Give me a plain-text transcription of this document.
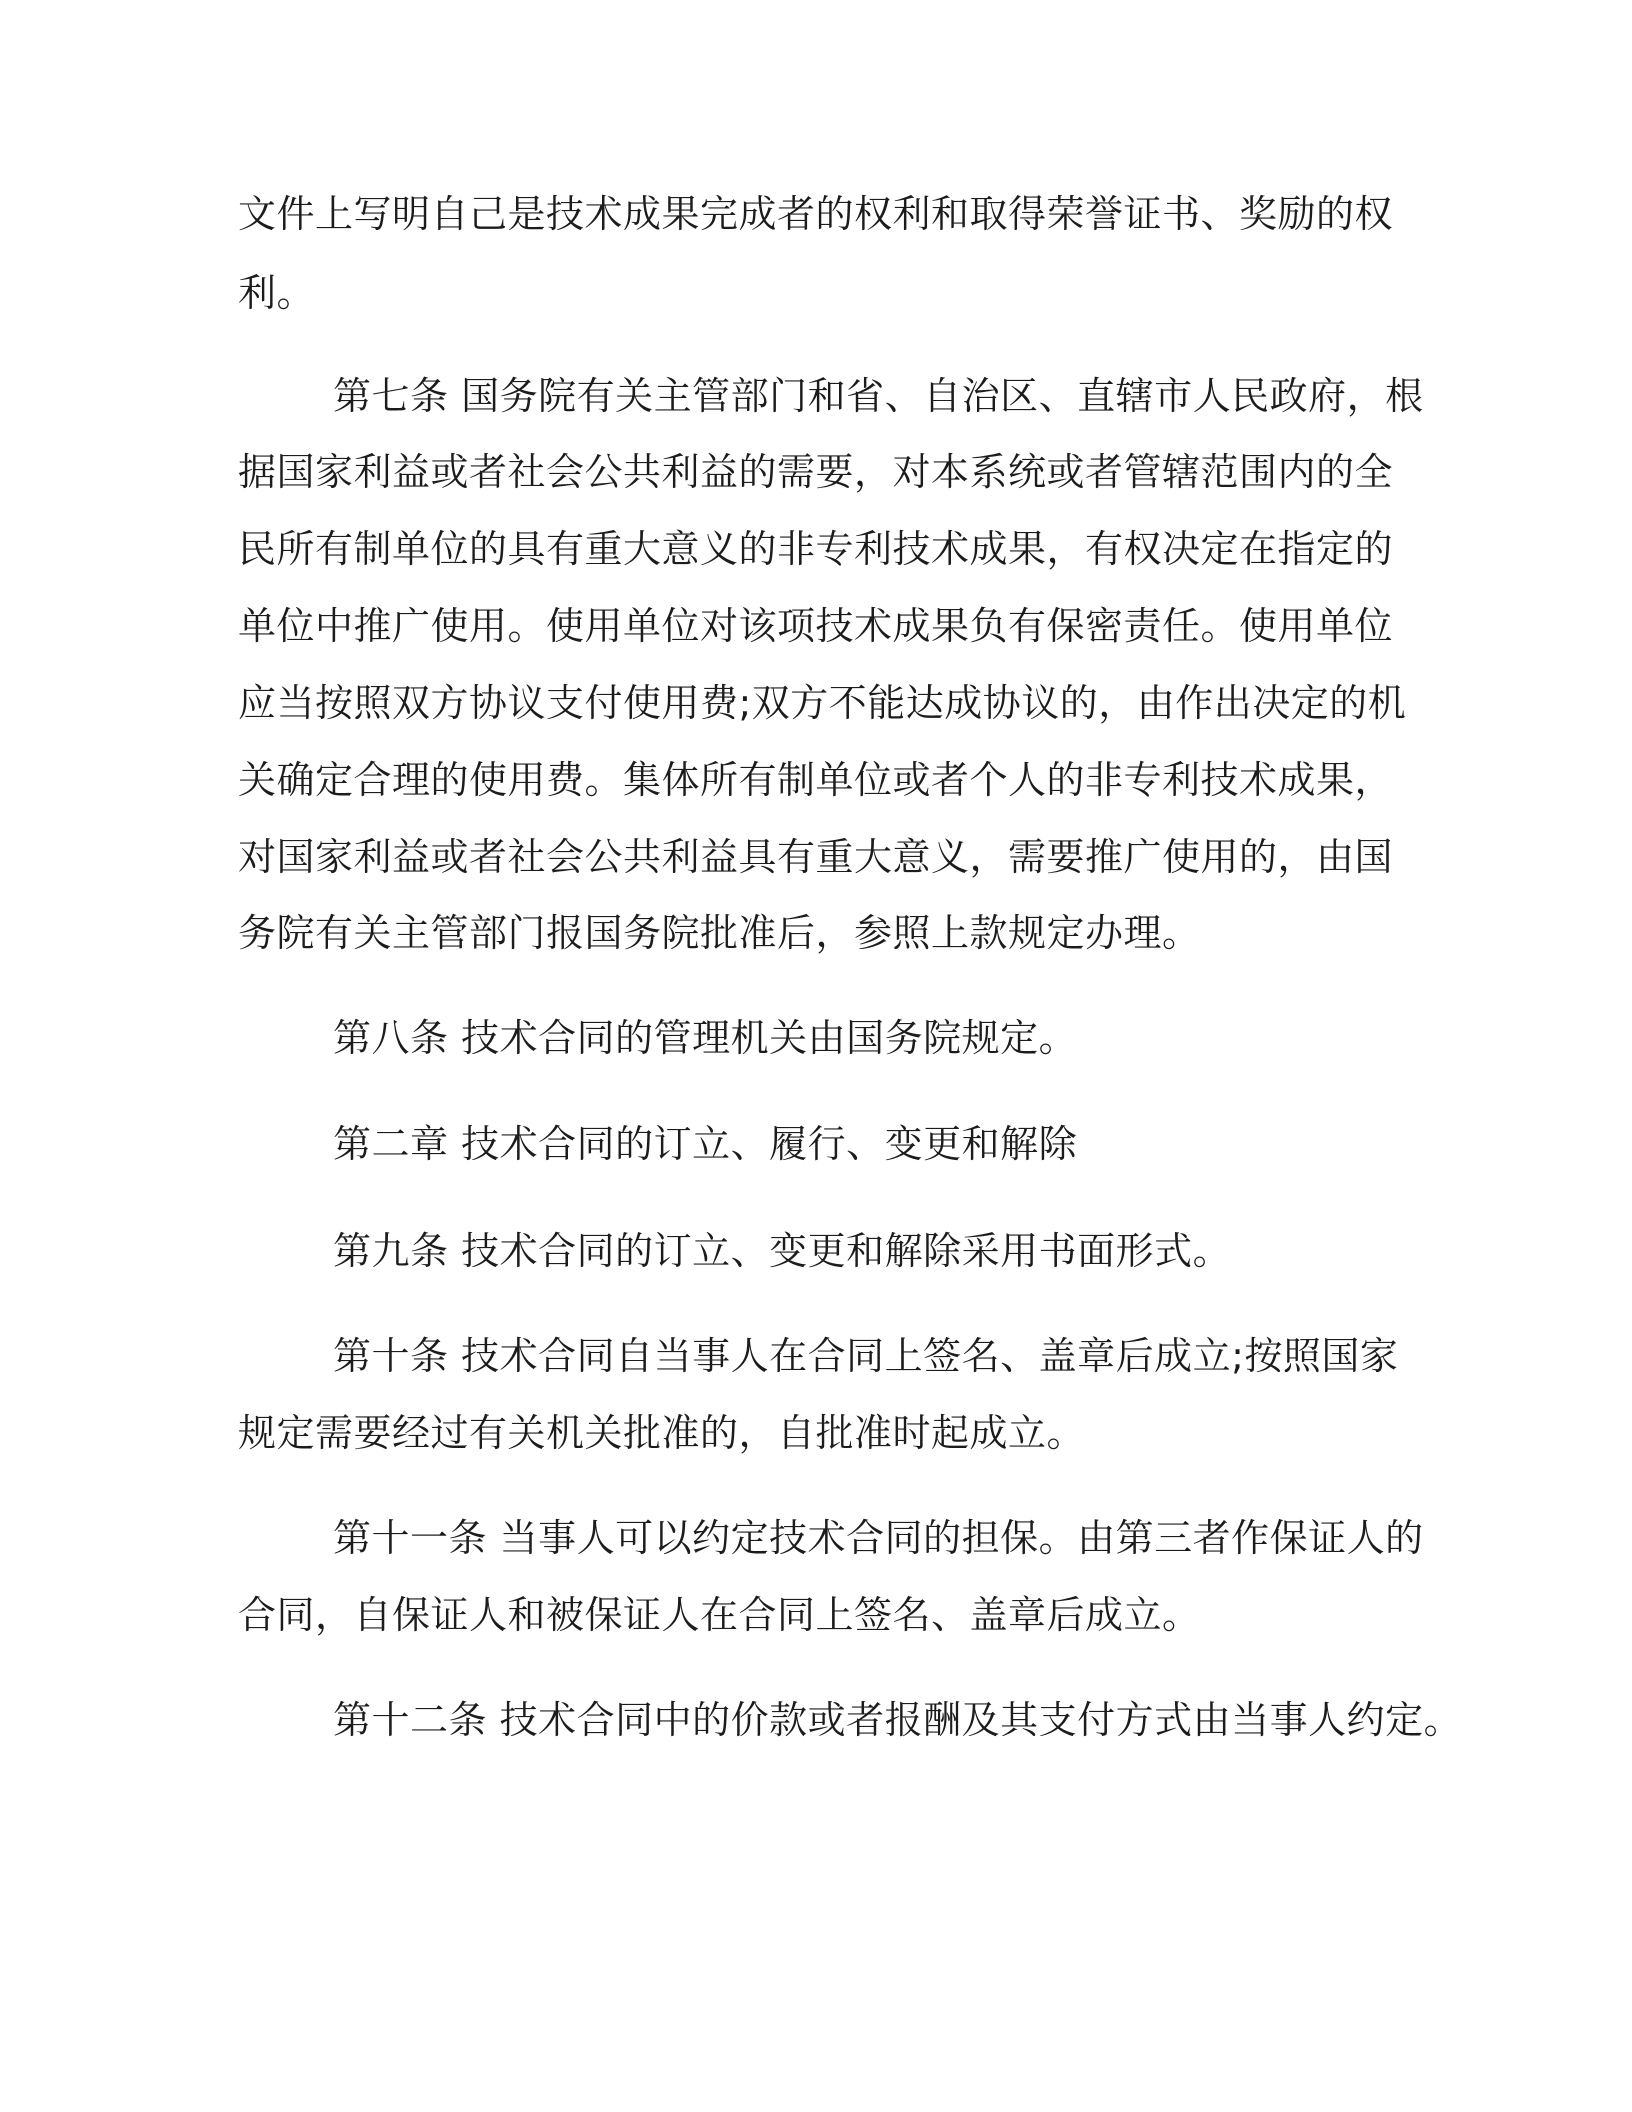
文件上写明自己是技术成果完成者的权利和取得荣誉证书、奖励的权
利。
第七条 国务院有关主管部门和省、自治区、直辖市人民政府，根
据国家利益或者社会公共利益的需要，对本系统或者管辖范围内的全
民所有制单位的具有重大意义的非专利技术成果，有权决定在指定的
单位中推广使用。使用单位对该项技术成果负有保密责任。使用单位
应当按照双方协议支付使用费;双方不能达成协议的，由作出决定的机
关确定合理的使用费。集体所有制单位或者个人的非专利技术成果，
对国家利益或者社会公共利益具有重大意义，需要推广使用的，由国
务院有关主管部门报国务院批准后，参照上款规定办理。
第八条 技术合同的管理机关由国务院规定。
第二章 技术合同的订立、履行、变更和解除
第九条 技术合同的订立、变更和解除采用书面形式。
第十条 技术合同自当事人在合同上签名、盖章后成立;按照国家
规定需要经过有关机关批准的，自批准时起成立。
第十一条 当事人可以约定技术合同的担保。由第三者作保证人的
合同，自保证人和被保证人在合同上签名、盖章后成立。
第十二条 技术合同中的价款或者报酬及其支付方式由当事人约定。
